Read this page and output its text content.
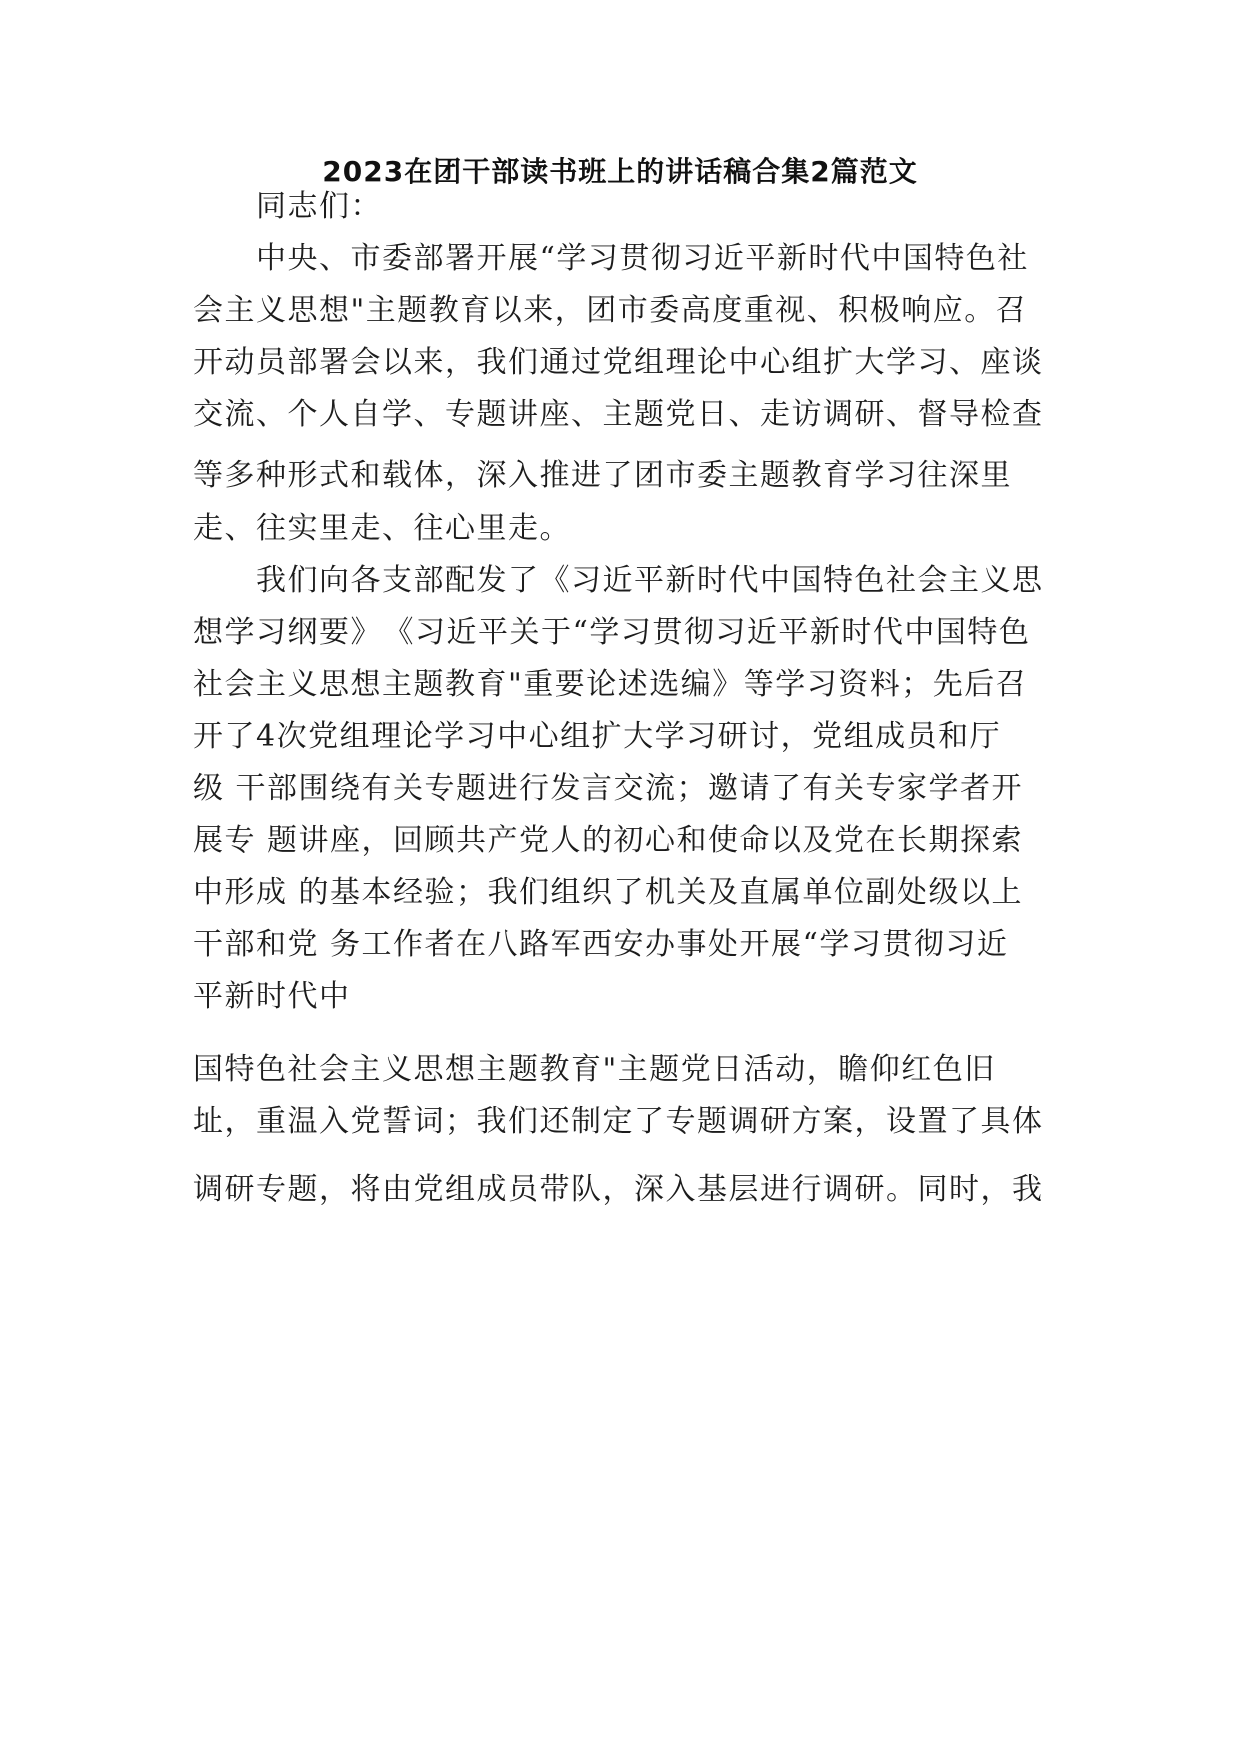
2023在团干部读书班上的讲话稿合集2篇范文
同志们：
中央、市委部署开展“学习贯彻习近平新时代中国特色社
会主义思想"主题教育以来，团市委高度重视、积极响应。召
开动员部署会以来，我们通过党组理论中心组扩大学习、座谈
交流、个人自学、专题讲座、主题党日、走访调研、督导检查
等多种形式和载体，深入推进了团市委主题教育学习往深里
走、往实里走、往心里走。
我们向各支部配发了《习近平新时代中国特色社会主义思
想学习纲要》　《习近平关于“学习贯彻习近平新时代中国特色
社会主义思想主题教育"重要论述选编》等学习资料；先后召
开了4次党组理论学习中心组扩大学习研讨，党组成员和厅
级 干部围绕有关专题进行发言交流；邀请了有关专家学者开
展专 题讲座，回顾共产党人的初心和使命以及党在长期探索
中形成 的基本经验；我们组织了机关及直属单位副处级以上
干部和党 务工作者在八路军西安办事处开展“学习贯彻习近
平新时代中
国特色社会主义思想主题教育"主题党日活动，瞻仰红色旧
址，重温入党誓词；我们还制定了专题调研方案，设置了具体
调研专题，将由党组成员带队，深入基层进行调研。同时，我
